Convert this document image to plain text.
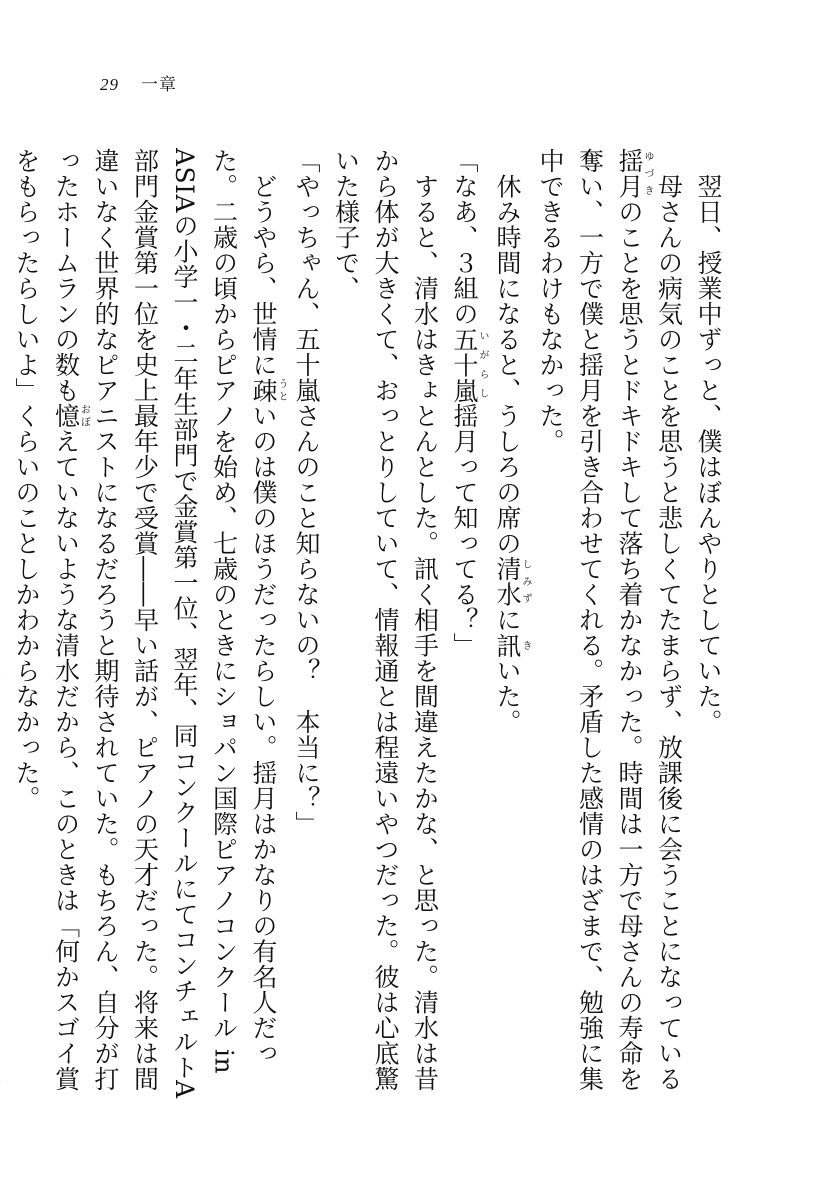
29 一章

　翌日、授業中ずっと、僕はぼんやりとしていた。

　母さんの病気のことを思うと悲しくてたまらず、放課後に会うことになっている揺月ゆづきのことを思うとドキドキして落ち着かなかった。時間は一方で母さんの寿命を奪い、一方で僕と揺月を引き合わせてくれる。矛盾した感情のはざまで、勉強に集中できるわけもなかった。

　休み時間になると、うしろの席の清水しみずに訊きいた。

「なあ、３組の五十嵐いがらし揺月って知ってる？」

　すると、清水はきょとんとした。訊く相手を間違えたかな、と思った。清水は昔から体が大きくて、おっとりしていて、情報通とは程遠いやつだった。彼は心底驚いた様子で、

「やっちゃん、五十嵐さんのこと知らないの？　本当に？」

　どうやら、世情に疎うといのは僕のほうだったらしい。揺月はかなりの有名人だった。二歳の頃からピアノを始め、七歳のときにショパン国際ピアノコンクール in ASIAの小学一・二年生部門で金賞第一位、翌年、同コンクールにてコンチェルトA部門金賞第一位を史上最年少で受賞――早い話が、ピアノの天才だった。将来は間違いなく世界的なピアニストになるだろうと期待されていた。もちろん、自分が打ったホームランの数も憶おぼえていないような清水だから、このときは「何かスゴイ賞をもらったらしいよ」くらいのことしかわからなかった。
